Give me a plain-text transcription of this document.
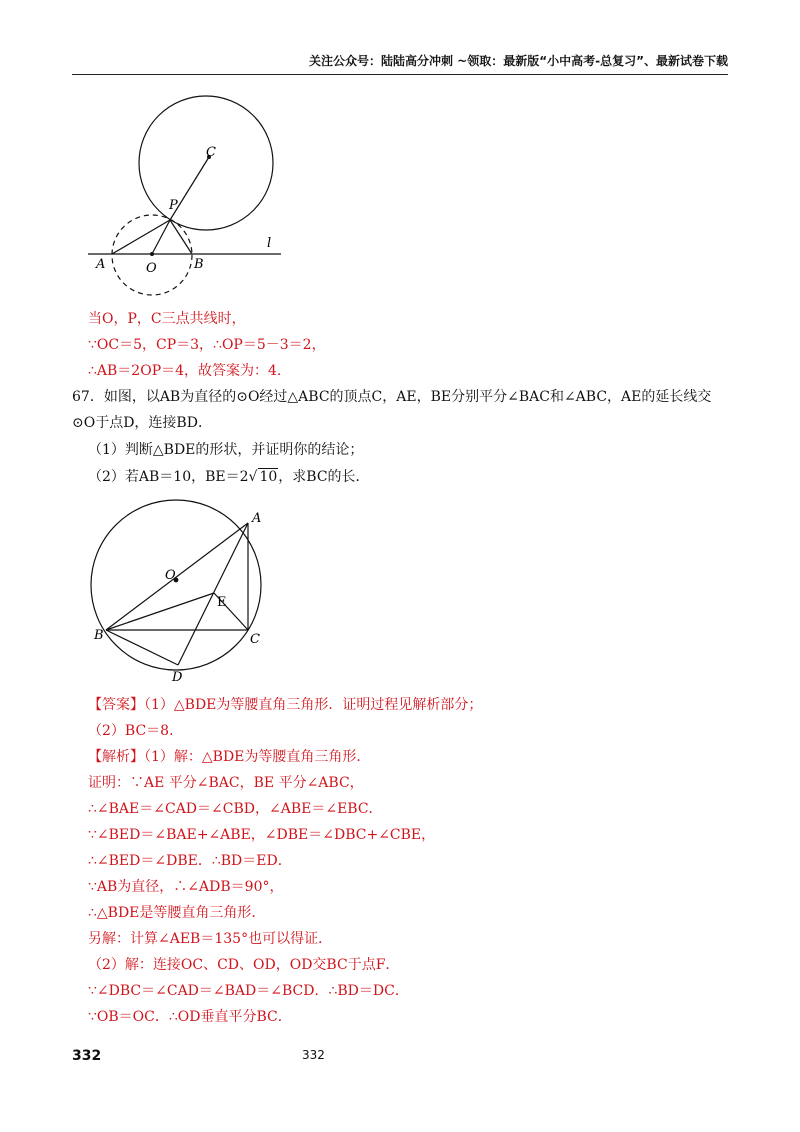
关注公众号：陆陆高分冲刺 ~领取：最新版“小中高考-总复习”、最新试卷下载
C
P
A	O	B
l
当O，P，C三点共线时，
∵OC＝5，CP＝3，∴OP＝5－3＝2，
∴AB＝2OP＝4，故答案为：4.
67．如图，以AB为直径的⊙O经过△ABC的顶点C，AE，BE分别平分∠BAC和∠ABC，AE的延长线交
⊙O于点D，连接BD．
（1）判断△BDE的形状，并证明你的结论；
（2）若AB＝10，BE＝2√ 10，求BC的长．
A
O
E
B	C
D
【答案】（1）△BDE为等腰直角三角形．证明过程见解析部分；
（2）BC＝8．
【解析】（1）解：△BDE为等腰直角三角形．
证明：∵AE 平分∠BAC，BE 平分∠ABC，
∴∠BAE＝∠CAD＝∠CBD，∠ABE＝∠EBC．
∵∠BED＝∠BAE+∠ABE，∠DBE＝∠DBC+∠CBE，
∴∠BED＝∠DBE．∴BD＝ED．
∵AB为直径，∴∠ADB＝90°，
∴△BDE是等腰直角三角形．
另解：计算∠AEB＝135°也可以得证．
（2）解：连接OC、CD、OD，OD交BC于点F．
∵∠DBC＝∠CAD＝∠BAD＝∠BCD．∴BD＝DC．
∵OB＝OC．∴OD垂直平分BC．
332	332
